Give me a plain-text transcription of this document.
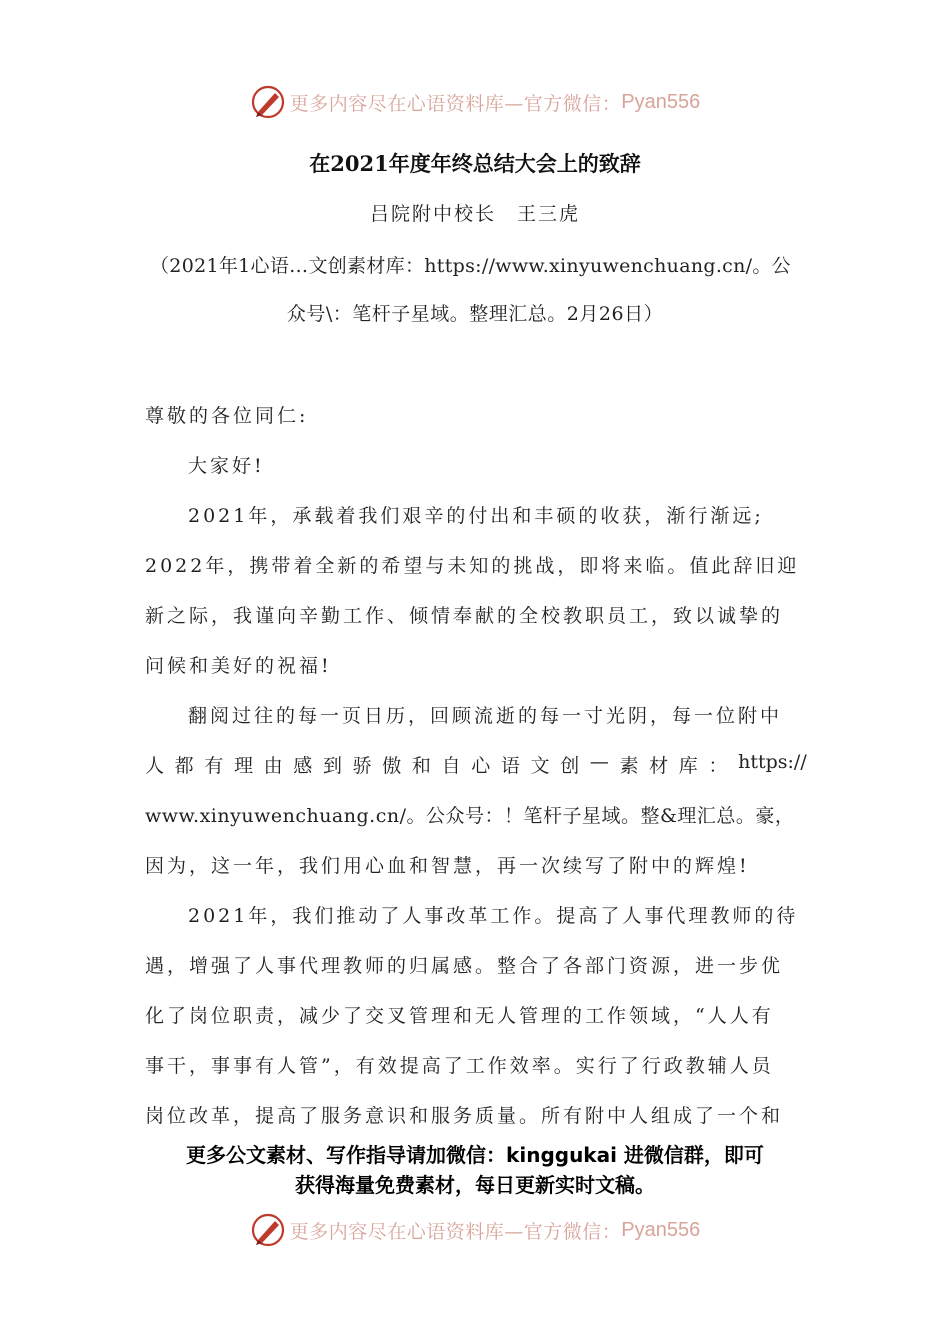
更多内容尽在心语资料库—官方微信： Pyan556
在2021年度年终总结大会上的致辞
吕院附中校长　王三虎
（2021年1心语…文创素材库：https://www.xinyuwenchuang.cn/。公
众号\：笔杆子星域。整理汇总。2月26日）
尊敬的各位同仁:
大家好!
2021年，承载着我们艰辛的付出和丰硕的收获，渐行渐远;
2022年，携带着全新的希望与未知的挑战，即将来临。值此辞旧迎
新之际，我谨向辛勤工作、倾情奉献的全校教职员工，致以诚挚的
问候和美好的祝福!
翻阅过往的每一页日历，回顾流逝的每一寸光阴，每一位附中
人 都 有 理 由 感 到 骄 傲 和 自 心 语 文 创 — 素 材 库 ： https://
www.xinyuwenchuang.cn/。公众号：！笔杆子星域。整&理汇总。豪，
因为，这一年，我们用心血和智慧，再一次续写了附中的辉煌!
2021年，我们推动了人事改革工作。提高了人事代理教师的待
遇，增强了人事代理教师的归属感。整合了各部门资源，进一步优
化了岗位职责，减少了交叉管理和无人管理的工作领域，“人人有
事干，事事有人管”，有效提高了工作效率。实行了行政教辅人员
岗位改革，提高了服务意识和服务质量。所有附中人组成了一个和
更多公文素材、写作指导请加微信：kinggukai 进微信群，即可
获得海量免费素材，每日更新实时文稿。
更多内容尽在心语资料库—官方微信： Pyan556
